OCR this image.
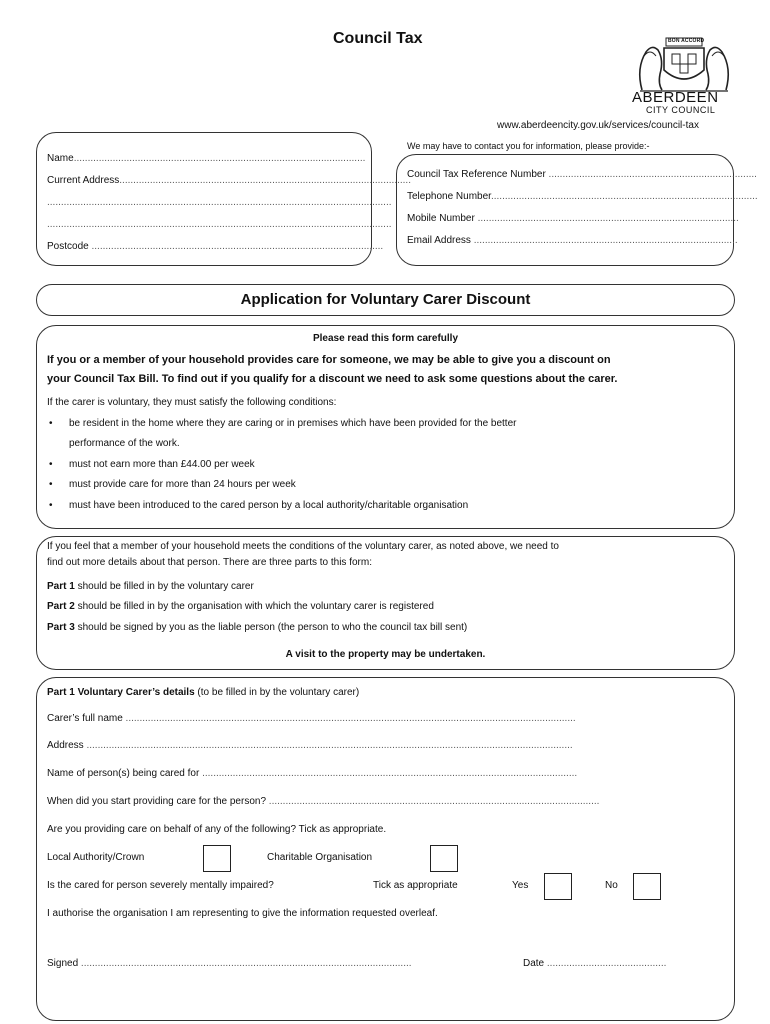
Council Tax	BON ACCORD
ABERDEEN
CITY COUNCIL
www.aberdeencity.gov.uk/services/council-tax
Name.........................................................................................................
Current Address.........................................................................................................
............................................................................................................................
............................................................................................................................
Postcode .........................................................................................................
We may have to contact you for information, please provide:-
Council Tax Reference Number ...........................................................................
Telephone Number................................................................................................
Mobile Number ..............................................................................................
Email Address ...............................................................................................
Application for Voluntary Carer Discount
Please read this form carefully
If you or a member of your household provides care for someone, we may be able to give you a discount on
your Council Tax Bill. To find out if you qualify for a discount we need to ask some questions about the carer.
If the carer is voluntary, they must satisfy the following conditions:
• be resident in the home where they are caring or in premises which have been provided for the better
performance of the work.
• must not earn more than £44.00 per week
• must provide care for more than 24 hours per week
• must have been introduced to the cared person by a local authority/charitable organisation
If you feel that a member of your household meets the conditions of the voluntary carer, as noted above, we need to
find out more details about that person. There are three parts to this form:
Part 1 should be filled in by the voluntary carer
Part 2 should be filled in by the organisation with which the voluntary carer is registered
Part 3 should be signed by you as the liable person (the person to who the council tax bill sent)
A visit to the property may be undertaken.
Part 1 Voluntary Carer’s details (to be filled in by the voluntary carer)
Carer’s full name ..................................................................................................................................................................
Address ...............................................................................................................................................................................
Name of person(s) being cared for .......................................................................................................................................
When did you start providing care for the person? .......................................................................................................................
Are you providing care on behalf of any of the following? Tick as appropriate.
Local Authority/Crown	Charitable Organisation
Is the cared for person severely mentally impaired?	Tick as appropriate	Yes	No
I authorise the organisation I am representing to give the information requested overleaf.
Signed .......................................................................................................................	Date ...........................................
